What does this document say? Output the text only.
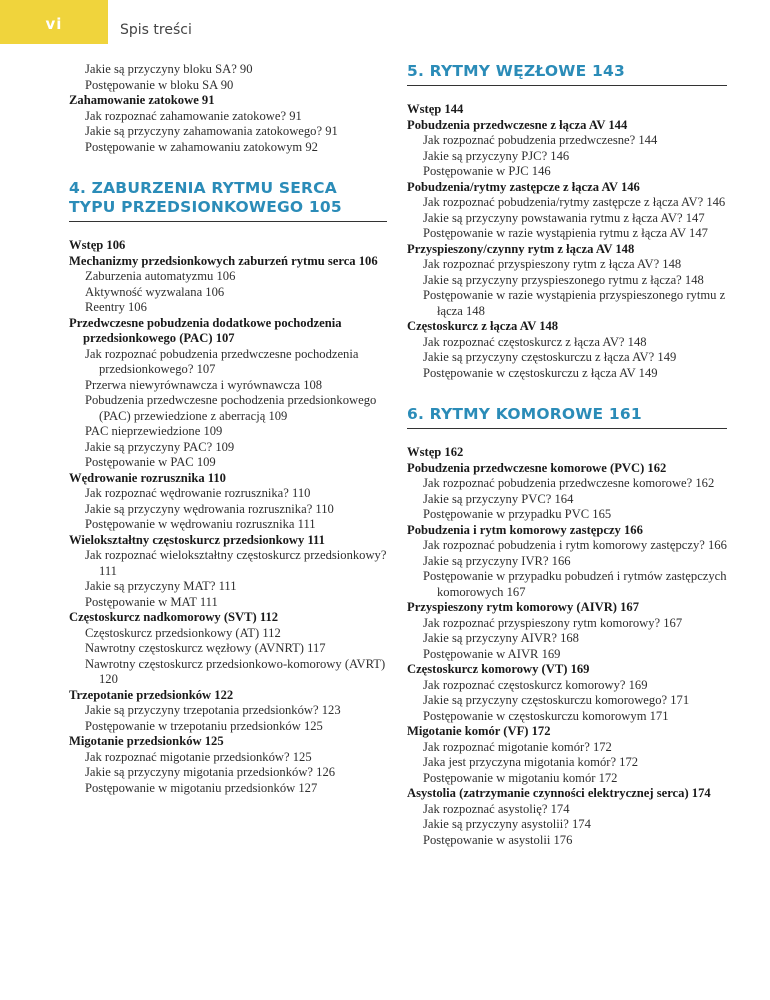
vi	Spis treści
Jakie są przyczyny bloku SA? 90
Postępowanie w bloku SA 90
Zahamowanie zatokowe 91
Jak rozpoznać zahamowanie zatokowe? 91
Jakie są przyczyny zahamowania zatokowego? 91
Postępowanie w zahamowaniu zatokowym 92
4. ZABURZENIA RYTMU SERCA TYPU PRZEDSIONKOWEGO 105
Wstęp 106
Mechanizmy przedsionkowych zaburzeń rytmu serca 106
Zaburzenia automatyzmu 106
Aktywność wyzwalana 106
Reentry 106
Przedwczesne pobudzenia dodatkowe pochodzenia przedsionkowego (PAC) 107
Jak rozpoznać pobudzenia przedwczesne pochodzenia przedsionkowego? 107
Przerwa niewyrównawcza i wyrównawcza 108
Pobudzenia przedwczesne pochodzenia przedsionkowego (PAC) przewiedzione z aberracją 109
PAC nieprzewiedzione 109
Jakie są przyczyny PAC? 109
Postępowanie w PAC 109
Wędrowanie rozrusznika 110
Jak rozpoznać wędrowanie rozrusznika? 110
Jakie są przyczyny wędrowania rozrusznika? 110
Postępowanie w wędrowaniu rozrusznika 111
Wielokształtny częstoskurcz przedsionkowy 111
Jak rozpoznać wielokształtny częstoskurcz przedsionkowy? 111
Jakie są przyczyny MAT? 111
Postępowanie w MAT 111
Częstoskurcz nadkomorowy (SVT) 112
Częstoskurcz przedsionkowy (AT) 112
Nawrotny częstoskurcz węzłowy (AVNRT) 117
Nawrotny częstoskurcz przedsionkowo-komorowy (AVRT) 120
Trzepotanie przedsionków 122
Jakie są przyczyny trzepotania przedsionków? 123
Postępowanie w trzepotaniu przedsionków 125
Migotanie przedsionków 125
Jak rozpoznać migotanie przedsionków? 125
Jakie są przyczyny migotania przedsionków? 126
Postępowanie w migotaniu przedsionków 127
5. RYTMY WĘZŁOWE 143
Wstęp 144
Pobudzenia przedwczesne z łącza AV 144
Jak rozpoznać pobudzenia przedwczesne? 144
Jakie są przyczyny PJC? 146
Postępowanie w PJC 146
Pobudzenia/rytmy zastępcze z łącza AV 146
Jak rozpoznać pobudzenia/rytmy zastępcze z łącza AV? 146
Jakie są przyczyny powstawania rytmu z łącza AV? 147
Postępowanie w razie wystąpienia rytmu z łącza AV 147
Przyspieszony/czynny rytm z łącza AV 148
Jak rozpoznać przyspieszony rytm z łącza AV? 148
Jakie są przyczyny przyspieszonego rytmu z łącza? 148
Postępowanie w razie wystąpienia przyspieszonego rytmu z łącza 148
Częstoskurcz z łącza AV 148
Jak rozpoznać częstoskurcz z łącza AV? 148
Jakie są przyczyny częstoskurczu z łącza AV? 149
Postępowanie w częstoskurczu z łącza AV 149
6. RYTMY KOMOROWE 161
Wstęp 162
Pobudzenia przedwczesne komorowe (PVC) 162
Jak rozpoznać pobudzenia przedwczesne komorowe? 162
Jakie są przyczyny PVC? 164
Postępowanie w przypadku PVC 165
Pobudzenia i rytm komorowy zastępczy 166
Jak rozpoznać pobudzenia i rytm komorowy zastępczy? 166
Jakie są przyczyny IVR? 166
Postępowanie w przypadku pobudzeń i rytmów zastępczych komorowych 167
Przyspieszony rytm komorowy (AIVR) 167
Jak rozpoznać przyspieszony rytm komorowy? 167
Jakie są przyczyny AIVR? 168
Postępowanie w AIVR 169
Częstoskurcz komorowy (VT) 169
Jak rozpoznać częstoskurcz komorowy? 169
Jakie są przyczyny częstoskurczu komorowego? 171
Postępowanie w częstoskurczu komorowym 171
Migotanie komór (VF) 172
Jak rozpoznać migotanie komór? 172
Jaka jest przyczyna migotania komór? 172
Postępowanie w migotaniu komór 172
Asystolia (zatrzymanie czynności elektrycznej serca) 174
Jak rozpoznać asystolię? 174
Jakie są przyczyny asystolii? 174
Postępowanie w asystolii 176
